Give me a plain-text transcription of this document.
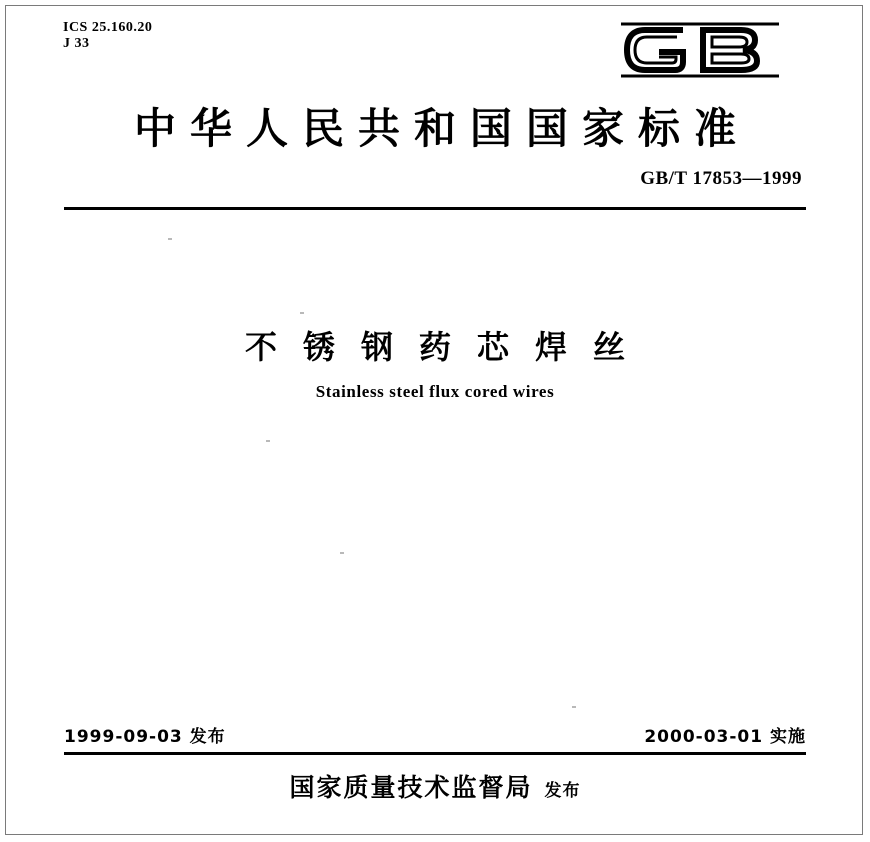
ICS 25.160.20
J 33
中华人民共和国国家标准
GB/T 17853—1999
不锈钢药芯焊丝
Stainless steel flux cored wires
1999-09-03 发布	2000-03-01 实施
国家质量技术监督局 发布
